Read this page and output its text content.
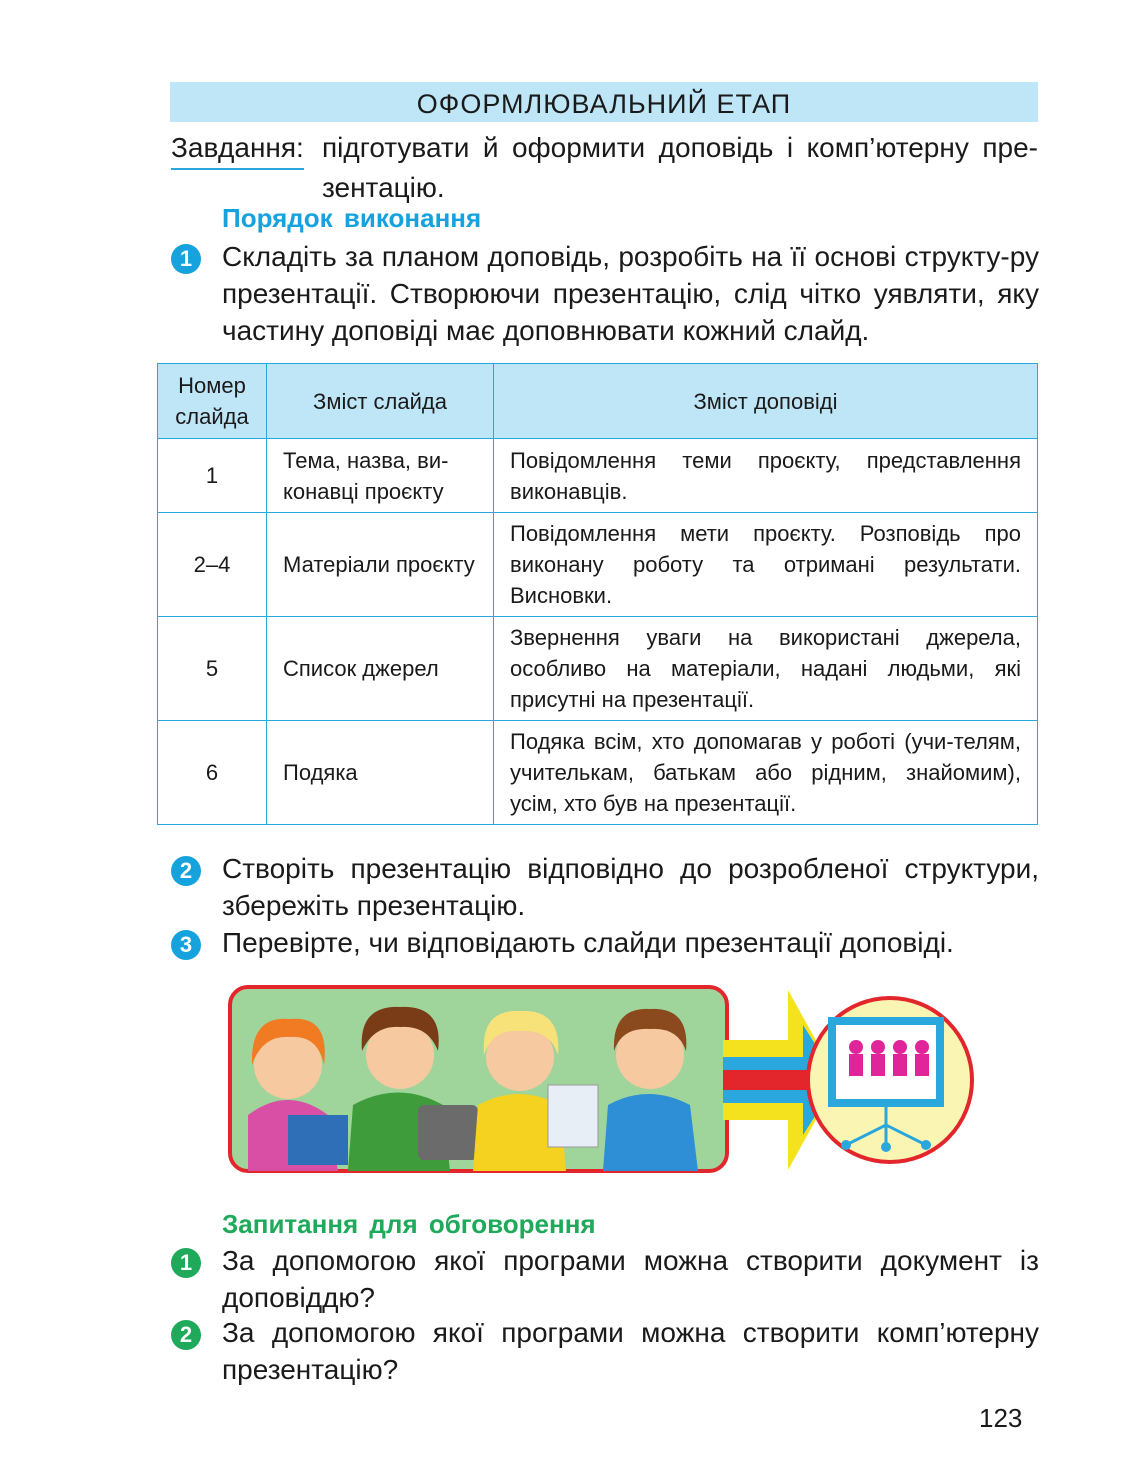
ОФОРМЛЮВАЛЬНИЙ ЕТАП
Завдання: підготувати й оформити доповідь і комп’ютерну пре-зентацію.
Порядок виконання
1	Складіть за планом доповідь, розробіть на її основі структу-ру презентації. Створюючи презентацію, слід чітко уявляти, яку частину доповіді має доповнювати кожний слайд.
Номер слайда	Зміст слайда	Зміст доповіді
1	Тема, назва, ви-конавці проєкту	Повідомлення теми проєкту, представлення виконавців.
2–4	Матеріали проєкту	Повідомлення мети проєкту. Розповідь про виконану роботу та отримані результати. Висновки.
5	Список джерел	Звернення уваги на використані джерела, особливо на матеріали, надані людьми, які присутні на презентації.
6	Подяка	Подяка всім, хто допомагав у роботі (учи-телям, учителькам, батькам або рідним, знайомим), усім, хто був на презентації.
2	Створіть презентацію відповідно до розробленої структури, збережіть презентацію.
3	Перевірте, чи відповідають слайди презентації доповіді.
Запитання для обговорення
1	За допомогою якої програми можна створити документ із доповіддю?
2	За допомогою якої програми можна створити комп’ютерну презентацію?
123
